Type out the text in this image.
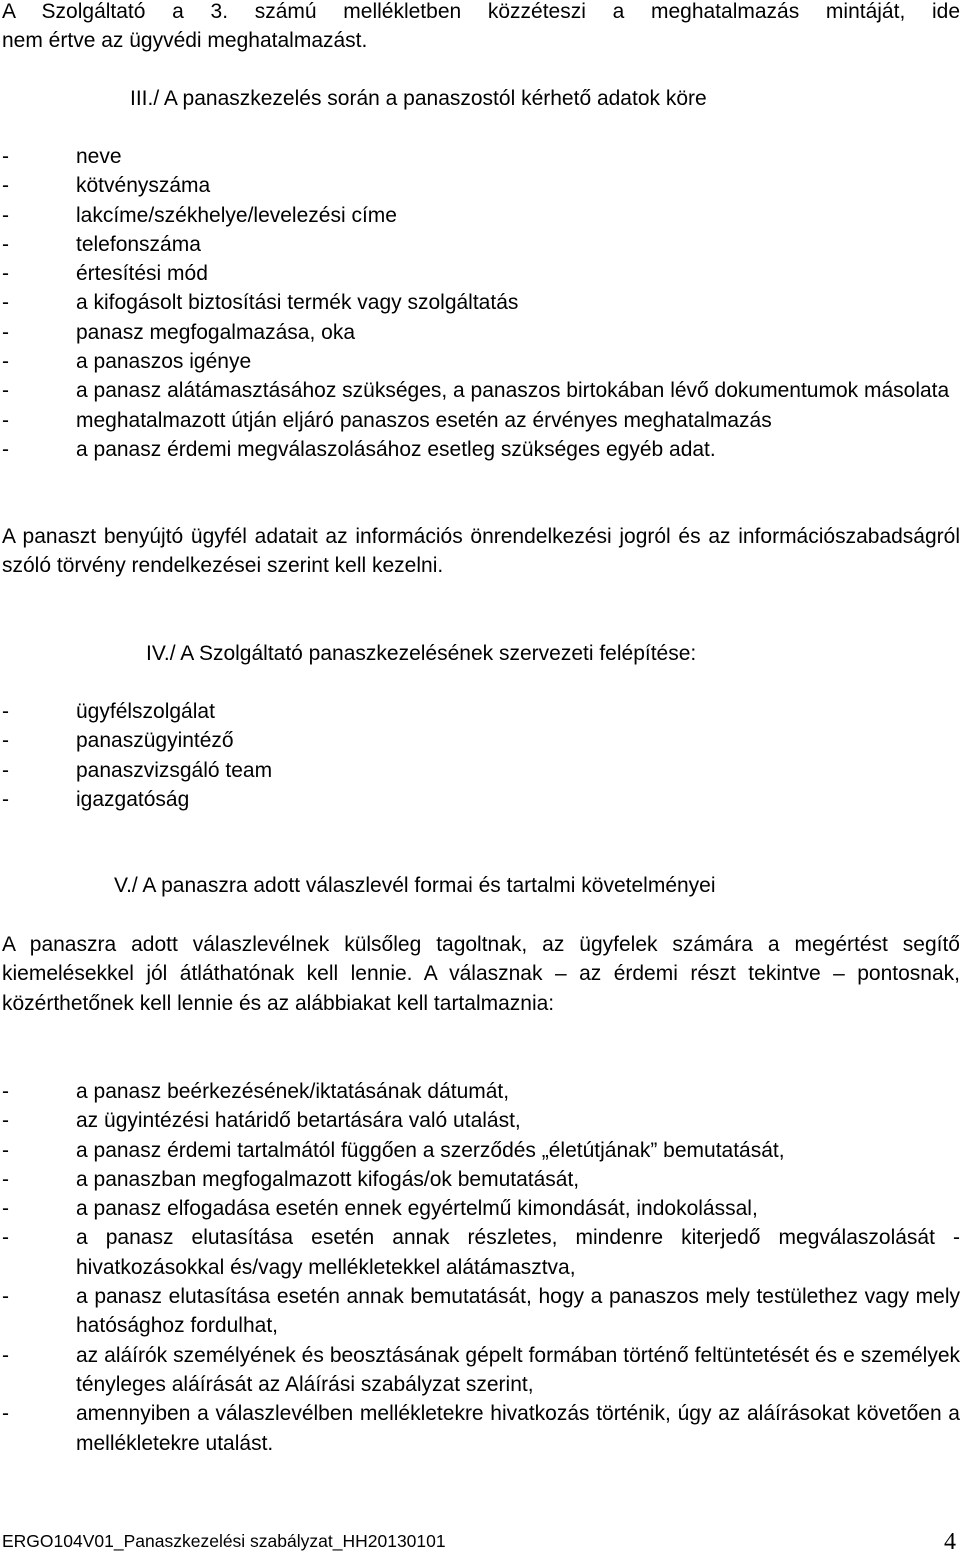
A Szolgáltató a 3. számú mellékletben közzéteszi a meghatalmazás mintáját, ide
nem értve az ügyvédi meghatalmazást.
III./ A panaszkezelés során a panaszostól kérhető adatok köre
-	neve
-	kötvényszáma
-	lakcíme/székhelye/levelezési címe
-	telefonszáma
-	értesítési mód
-	a kifogásolt biztosítási termék vagy szolgáltatás
-	panasz megfogalmazása, oka
-	a panaszos igénye
-	a panasz alátámasztásához szükséges, a panaszos birtokában lévő dokumentumok másolata
-	meghatalmazott útján eljáró panaszos esetén az érvényes meghatalmazás
-	a panasz érdemi megválaszolásához esetleg szükséges egyéb adat.
A panaszt benyújtó ügyfél adatait az információs önrendelkezési jogról és az információszabadságról szóló törvény rendelkezései szerint kell kezelni.
IV./ A Szolgáltató panaszkezelésének szervezeti felépítése:
-	ügyfélszolgálat
-	panaszügyintéző
-	panaszvizsgáló team
-	igazgatóság
V./ A panaszra adott válaszlevél formai és tartalmi követelményei
A panaszra adott válaszlevélnek külsőleg tagoltnak, az ügyfelek számára a megértést segítő kiemelésekkel jól átláthatónak kell lennie. A válasznak – az érdemi részt tekintve – pontosnak, közérthetőnek kell lennie és az alábbiakat kell tartalmaznia:
-	a panasz beérkezésének/iktatásának dátumát,
-	az ügyintézési határidő betartására való utalást,
-	a panasz érdemi tartalmától függően a szerződés „életútjának” bemutatását,
-	a panaszban megfogalmazott kifogás/ok bemutatását,
-	a panasz elfogadása esetén ennek egyértelmű kimondását, indokolással,
-	a panasz elutasítása esetén annak részletes, mindenre kiterjedő megválaszolását - hivatkozásokkal és/vagy mellékletekkel alátámasztva,
-	a panasz elutasítása esetén annak bemutatását, hogy a panaszos mely testülethez vagy mely hatósághoz fordulhat,
-	az aláírók személyének és beosztásának gépelt formában történő feltüntetését és e személyek tényleges aláírását az Aláírási szabályzat szerint,
-	amennyiben a válaszlevélben mellékletekre hivatkozás történik, úgy az aláírásokat követően a mellékletekre utalást.
ERGO104V01_Panaszkezelési szabályzat_HH20130101	4
